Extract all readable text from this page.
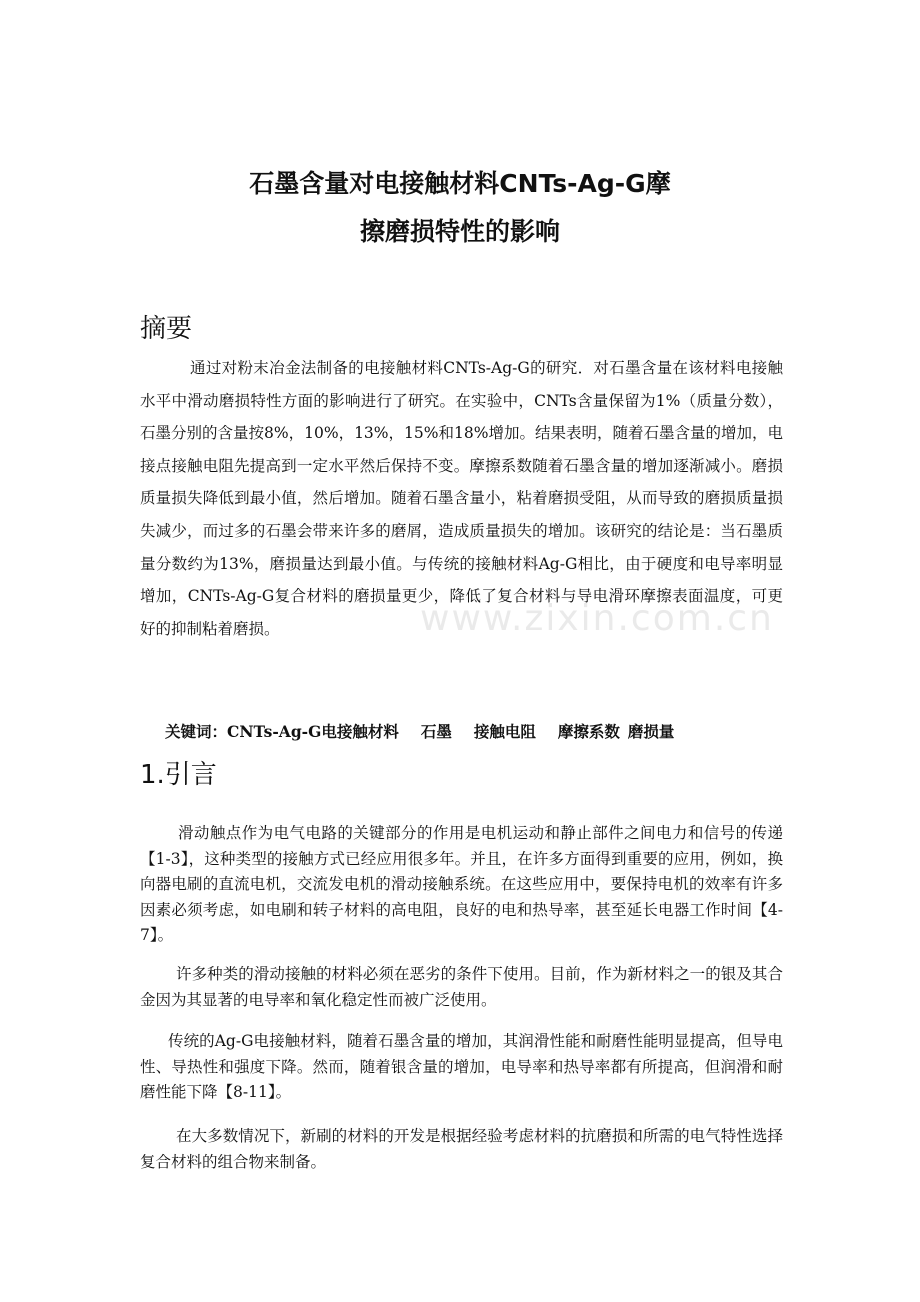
石墨含量对电接触材料CNTs-Ag-G摩
擦磨损特性的影响
摘要

通过对粉末冶金法制备的电接触材料CNTs-Ag-G的研究．对石墨含量在该材料电接触水平中滑动磨损特性方面的影响进行了研究。在实验中，CNTs含量保留为1%（质量分数），石墨分别的含量按8%，10%，13%，15%和18%增加。结果表明，随着石墨含量的增加，电接点接触电阻先提高到一定水平然后保持不变。摩擦系数随着石墨含量的增加逐渐减小。磨损质量损失降低到最小值，然后增加。随着石墨含量小，粘着磨损受阻，从而导致的磨损质量损失减少，而过多的石墨会带来许多的磨屑，造成质量损失的增加。该研究的结论是：当石墨质量分数约为13%，磨损量达到最小值。与传统的接触材料Ag-G相比，由于硬度和电导率明显增加，CNTs-Ag-G复合材料的磨损量更少，降低了复合材料与导电滑环摩擦表面温度，可更好的抑制粘着磨损。

关键词：CNTs-Ag-G电接触材料 石墨 接触电阻 摩擦系数 磨损量
1.引言

滑动触点作为电气电路的关键部分的作用是电机运动和静止部件之间电力和信号的传递【1-3】，这种类型的接触方式已经应用很多年。并且，在许多方面得到重要的应用，例如，换向器电刷的直流电机，交流发电机的滑动接触系统。在这些应用中，要保持电机的效率有许多因素必须考虑，如电刷和转子材料的高电阻，良好的电和热导率，甚至延长电器工作时间【4-7】。

许多种类的滑动接触的材料必须在恶劣的条件下使用。目前，作为新材料之一的银及其合金因为其显著的电导率和氧化稳定性而被广泛使用。

传统的Ag-G电接触材料，随着石墨含量的增加，其润滑性能和耐磨性能明显提高，但导电性、导热性和强度下降。然而，随着银含量的增加，电导率和热导率都有所提高，但润滑和耐磨性能下降【8-11】。

在大多数情况下，新刷的材料的开发是根据经验考虑材料的抗磨损和所需的电气特性选择复合材料的组合物来制备。

www.zixin.com.cn
